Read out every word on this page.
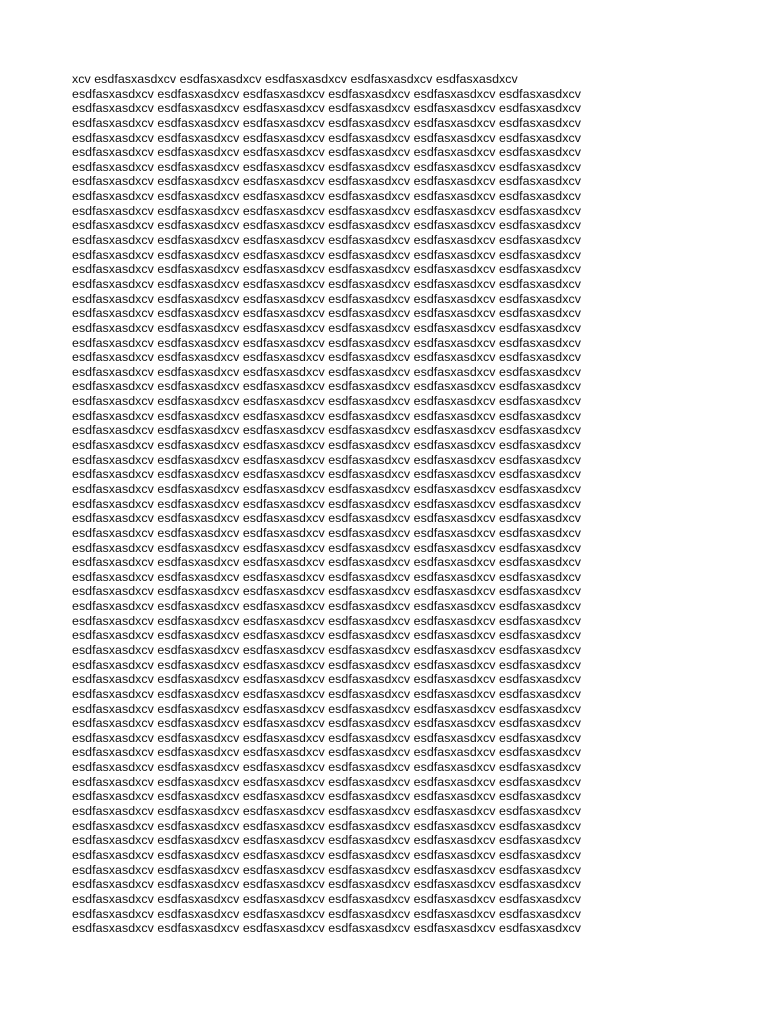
xcv esdfasxasdxcv esdfasxasdxcv esdfasxasdxcv esdfasxasdxcv esdfasxasdxcv
esdfasxasdxcv esdfasxasdxcv esdfasxasdxcv esdfasxasdxcv esdfasxasdxcv esdfasxasdxcv
esdfasxasdxcv esdfasxasdxcv esdfasxasdxcv esdfasxasdxcv esdfasxasdxcv esdfasxasdxcv
esdfasxasdxcv esdfasxasdxcv esdfasxasdxcv esdfasxasdxcv esdfasxasdxcv esdfasxasdxcv
esdfasxasdxcv esdfasxasdxcv esdfasxasdxcv esdfasxasdxcv esdfasxasdxcv esdfasxasdxcv
esdfasxasdxcv esdfasxasdxcv esdfasxasdxcv esdfasxasdxcv esdfasxasdxcv esdfasxasdxcv
esdfasxasdxcv esdfasxasdxcv esdfasxasdxcv esdfasxasdxcv esdfasxasdxcv esdfasxasdxcv
esdfasxasdxcv esdfasxasdxcv esdfasxasdxcv esdfasxasdxcv esdfasxasdxcv esdfasxasdxcv
esdfasxasdxcv esdfasxasdxcv esdfasxasdxcv esdfasxasdxcv esdfasxasdxcv esdfasxasdxcv
esdfasxasdxcv esdfasxasdxcv esdfasxasdxcv esdfasxasdxcv esdfasxasdxcv esdfasxasdxcv
esdfasxasdxcv esdfasxasdxcv esdfasxasdxcv esdfasxasdxcv esdfasxasdxcv esdfasxasdxcv
esdfasxasdxcv esdfasxasdxcv esdfasxasdxcv esdfasxasdxcv esdfasxasdxcv esdfasxasdxcv
esdfasxasdxcv esdfasxasdxcv esdfasxasdxcv esdfasxasdxcv esdfasxasdxcv esdfasxasdxcv
esdfasxasdxcv esdfasxasdxcv esdfasxasdxcv esdfasxasdxcv esdfasxasdxcv esdfasxasdxcv
esdfasxasdxcv esdfasxasdxcv esdfasxasdxcv esdfasxasdxcv esdfasxasdxcv esdfasxasdxcv
esdfasxasdxcv esdfasxasdxcv esdfasxasdxcv esdfasxasdxcv esdfasxasdxcv esdfasxasdxcv
esdfasxasdxcv esdfasxasdxcv esdfasxasdxcv esdfasxasdxcv esdfasxasdxcv esdfasxasdxcv
esdfasxasdxcv esdfasxasdxcv esdfasxasdxcv esdfasxasdxcv esdfasxasdxcv esdfasxasdxcv
esdfasxasdxcv esdfasxasdxcv esdfasxasdxcv esdfasxasdxcv esdfasxasdxcv esdfasxasdxcv
esdfasxasdxcv esdfasxasdxcv esdfasxasdxcv esdfasxasdxcv esdfasxasdxcv esdfasxasdxcv
esdfasxasdxcv esdfasxasdxcv esdfasxasdxcv esdfasxasdxcv esdfasxasdxcv esdfasxasdxcv
esdfasxasdxcv esdfasxasdxcv esdfasxasdxcv esdfasxasdxcv esdfasxasdxcv esdfasxasdxcv
esdfasxasdxcv esdfasxasdxcv esdfasxasdxcv esdfasxasdxcv esdfasxasdxcv esdfasxasdxcv
esdfasxasdxcv esdfasxasdxcv esdfasxasdxcv esdfasxasdxcv esdfasxasdxcv esdfasxasdxcv
esdfasxasdxcv esdfasxasdxcv esdfasxasdxcv esdfasxasdxcv esdfasxasdxcv esdfasxasdxcv
esdfasxasdxcv esdfasxasdxcv esdfasxasdxcv esdfasxasdxcv esdfasxasdxcv esdfasxasdxcv
esdfasxasdxcv esdfasxasdxcv esdfasxasdxcv esdfasxasdxcv esdfasxasdxcv esdfasxasdxcv
esdfasxasdxcv esdfasxasdxcv esdfasxasdxcv esdfasxasdxcv esdfasxasdxcv esdfasxasdxcv
esdfasxasdxcv esdfasxasdxcv esdfasxasdxcv esdfasxasdxcv esdfasxasdxcv esdfasxasdxcv
esdfasxasdxcv esdfasxasdxcv esdfasxasdxcv esdfasxasdxcv esdfasxasdxcv esdfasxasdxcv
esdfasxasdxcv esdfasxasdxcv esdfasxasdxcv esdfasxasdxcv esdfasxasdxcv esdfasxasdxcv
esdfasxasdxcv esdfasxasdxcv esdfasxasdxcv esdfasxasdxcv esdfasxasdxcv esdfasxasdxcv
esdfasxasdxcv esdfasxasdxcv esdfasxasdxcv esdfasxasdxcv esdfasxasdxcv esdfasxasdxcv
esdfasxasdxcv esdfasxasdxcv esdfasxasdxcv esdfasxasdxcv esdfasxasdxcv esdfasxasdxcv
esdfasxasdxcv esdfasxasdxcv esdfasxasdxcv esdfasxasdxcv esdfasxasdxcv esdfasxasdxcv
esdfasxasdxcv esdfasxasdxcv esdfasxasdxcv esdfasxasdxcv esdfasxasdxcv esdfasxasdxcv
esdfasxasdxcv esdfasxasdxcv esdfasxasdxcv esdfasxasdxcv esdfasxasdxcv esdfasxasdxcv
esdfasxasdxcv esdfasxasdxcv esdfasxasdxcv esdfasxasdxcv esdfasxasdxcv esdfasxasdxcv
esdfasxasdxcv esdfasxasdxcv esdfasxasdxcv esdfasxasdxcv esdfasxasdxcv esdfasxasdxcv
esdfasxasdxcv esdfasxasdxcv esdfasxasdxcv esdfasxasdxcv esdfasxasdxcv esdfasxasdxcv
esdfasxasdxcv esdfasxasdxcv esdfasxasdxcv esdfasxasdxcv esdfasxasdxcv esdfasxasdxcv
esdfasxasdxcv esdfasxasdxcv esdfasxasdxcv esdfasxasdxcv esdfasxasdxcv esdfasxasdxcv
esdfasxasdxcv esdfasxasdxcv esdfasxasdxcv esdfasxasdxcv esdfasxasdxcv esdfasxasdxcv
esdfasxasdxcv esdfasxasdxcv esdfasxasdxcv esdfasxasdxcv esdfasxasdxcv esdfasxasdxcv
esdfasxasdxcv esdfasxasdxcv esdfasxasdxcv esdfasxasdxcv esdfasxasdxcv esdfasxasdxcv
esdfasxasdxcv esdfasxasdxcv esdfasxasdxcv esdfasxasdxcv esdfasxasdxcv esdfasxasdxcv
esdfasxasdxcv esdfasxasdxcv esdfasxasdxcv esdfasxasdxcv esdfasxasdxcv esdfasxasdxcv
esdfasxasdxcv esdfasxasdxcv esdfasxasdxcv esdfasxasdxcv esdfasxasdxcv esdfasxasdxcv
esdfasxasdxcv esdfasxasdxcv esdfasxasdxcv esdfasxasdxcv esdfasxasdxcv esdfasxasdxcv
esdfasxasdxcv esdfasxasdxcv esdfasxasdxcv esdfasxasdxcv esdfasxasdxcv esdfasxasdxcv
esdfasxasdxcv esdfasxasdxcv esdfasxasdxcv esdfasxasdxcv esdfasxasdxcv esdfasxasdxcv
esdfasxasdxcv esdfasxasdxcv esdfasxasdxcv esdfasxasdxcv esdfasxasdxcv esdfasxasdxcv
esdfasxasdxcv esdfasxasdxcv esdfasxasdxcv esdfasxasdxcv esdfasxasdxcv esdfasxasdxcv
esdfasxasdxcv esdfasxasdxcv esdfasxasdxcv esdfasxasdxcv esdfasxasdxcv esdfasxasdxcv
esdfasxasdxcv esdfasxasdxcv esdfasxasdxcv esdfasxasdxcv esdfasxasdxcv esdfasxasdxcv
esdfasxasdxcv esdfasxasdxcv esdfasxasdxcv esdfasxasdxcv esdfasxasdxcv esdfasxasdxcv
esdfasxasdxcv esdfasxasdxcv esdfasxasdxcv esdfasxasdxcv esdfasxasdxcv esdfasxasdxcv
esdfasxasdxcv esdfasxasdxcv esdfasxasdxcv esdfasxasdxcv esdfasxasdxcv esdfasxasdxcv
esdfasxasdxcv esdfasxasdxcv esdfasxasdxcv esdfasxasdxcv esdfasxasdxcv esdfasxasdxcv
